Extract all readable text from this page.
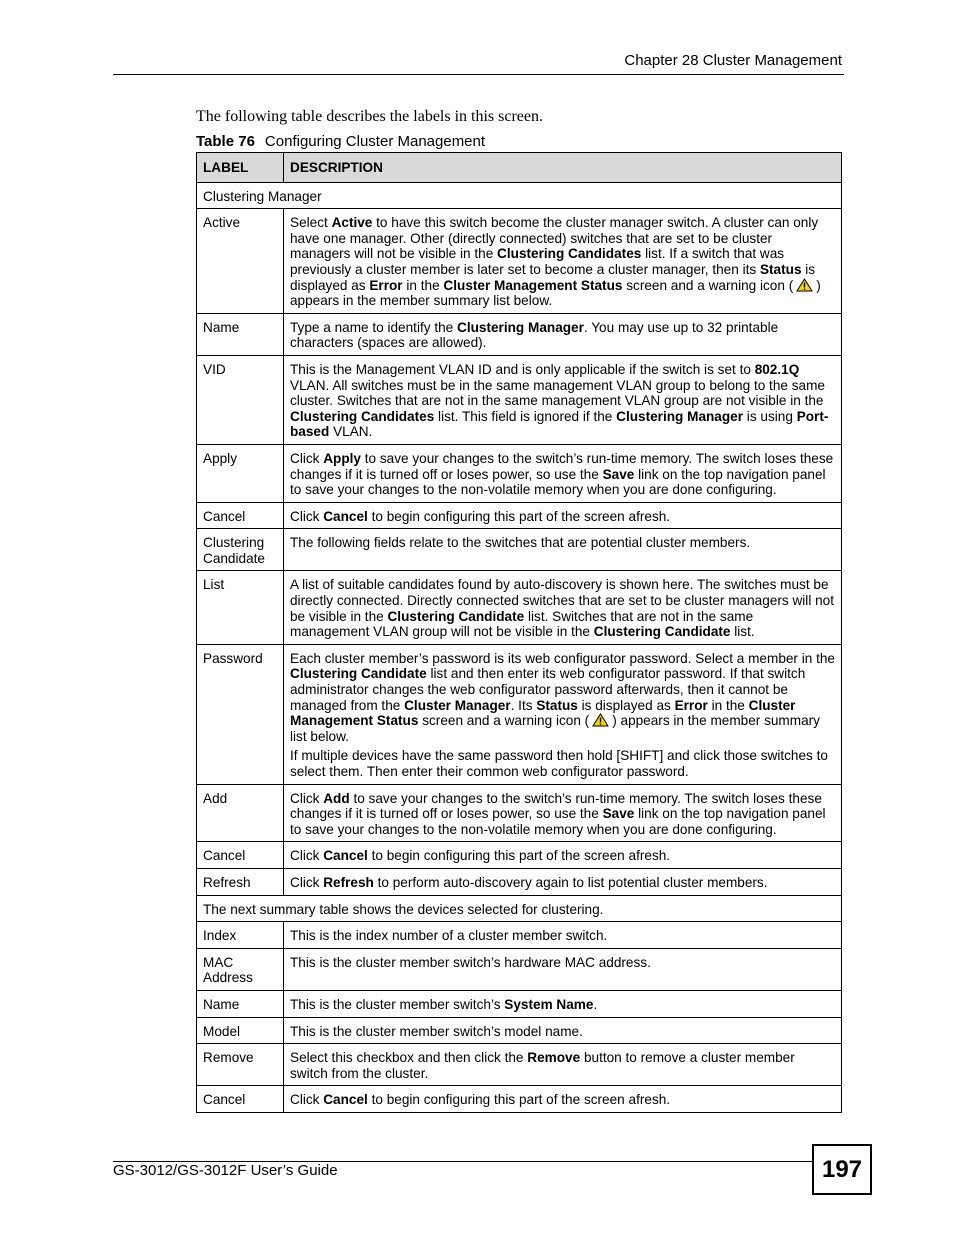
Chapter 28 Cluster Management
The following table describes the labels in this screen.
Table 76 Configuring Cluster Management
LABEL	DESCRIPTION
Clustering Manager	
Active	Select Active to have this switch become the cluster manager switch. A cluster can only have one manager. Other (directly connected) switches that are set to be cluster managers will not be visible in the Clustering Candidates list. If a switch that was previously a cluster member is later set to become a cluster manager, then its Status is displayed as Error in the Cluster Management Status screen and a warning icon ( ) appears in the member summary list below.

Name	Type a name to identify the Clustering Manager. You may use up to 32 printable characters (spaces are allowed).

VID	This is the Management VLAN ID and is only applicable if the switch is set to 802.1Q VLAN. All switches must be in the same management VLAN group to belong to the same cluster. Switches that are not in the same management VLAN group are not visible in the Clustering Candidates list. This field is ignored if the Clustering Manager is using Port-based VLAN.

Apply	Click Apply to save your changes to the switch’s run-time memory. The switch loses these changes if it is turned off or loses power, so use the Save link on the top navigation panel to save your changes to the non-volatile memory when you are done configuring.

Cancel	Click Cancel to begin configuring this part of the screen afresh.

Clustering Candidate	The following fields relate to the switches that are potential cluster members.

List	A list of suitable candidates found by auto-discovery is shown here. The switches must be directly connected. Directly connected switches that are set to be cluster managers will not be visible in the Clustering Candidate list. Switches that are not in the same management VLAN group will not be visible in the Clustering Candidate list.

Password	Each cluster member’s password is its web configurator password. Select a member in the Clustering Candidate list and then enter its web configurator password. If that switch administrator changes the web configurator password afterwards, then it cannot be managed from the Cluster Manager. Its Status is displayed as Error in the Cluster Management Status screen and a warning icon ( ) appears in the member summary list below.

If multiple devices have the same password then hold [SHIFT] and click those switches to select them. Then enter their common web configurator password.

Add	Click Add to save your changes to the switch’s run-time memory. The switch loses these changes if it is turned off or loses power, so use the Save link on the top navigation panel to save your changes to the non-volatile memory when you are done configuring.

Cancel	Click Cancel to begin configuring this part of the screen afresh.

Refresh	Click Refresh to perform auto-discovery again to list potential cluster members.

The next summary table shows the devices selected for clustering.	
Index	This is the index number of a cluster member switch.

MAC Address	This is the cluster member switch’s hardware MAC address.

Name	This is the cluster member switch’s System Name.

Model	This is the cluster member switch’s model name.

Remove	Select this checkbox and then click the Remove button to remove a cluster member switch from the cluster.

Cancel	Click Cancel to begin configuring this part of the screen afresh.

GS-3012/GS-3012F User’s Guide	197
